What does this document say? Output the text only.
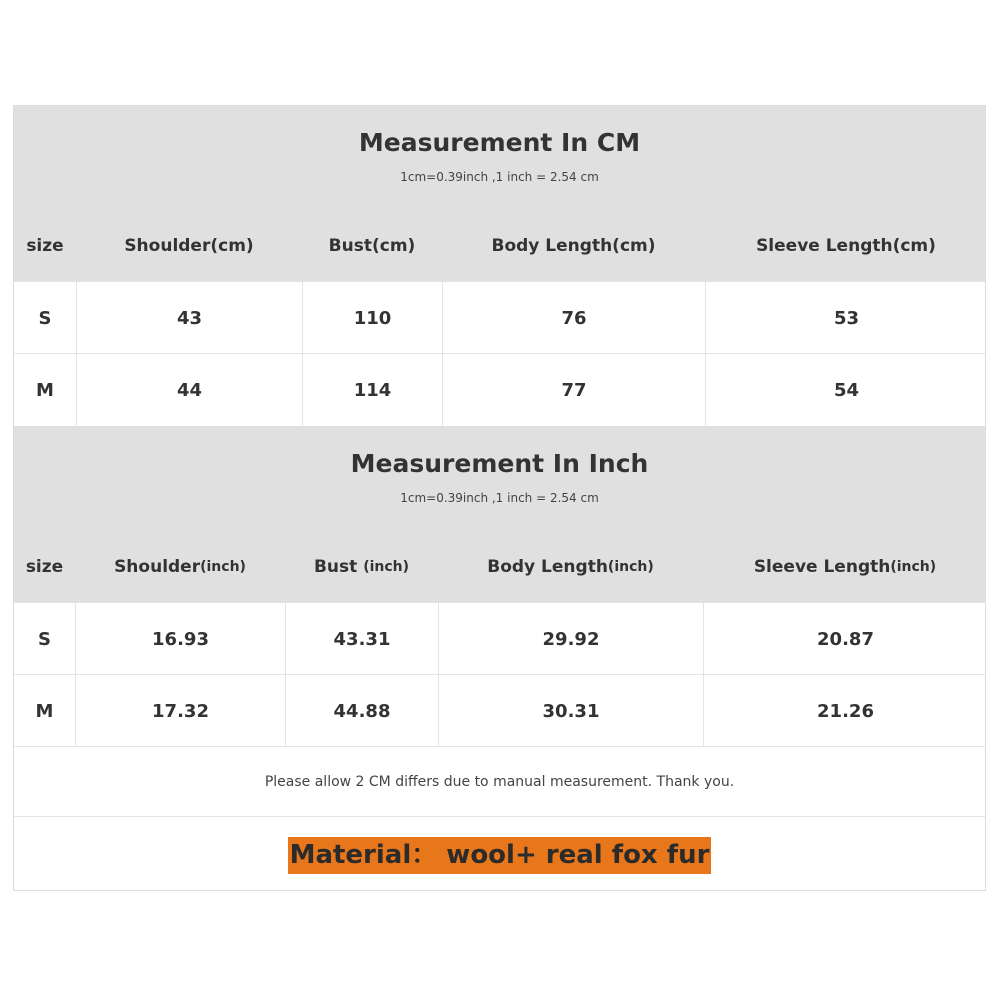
Measurement In CM
1cm=0.39inch ,1 inch = 2.54 cm
size	Shoulder(cm)	Bust(cm)	Body Length(cm)	Sleeve Length(cm)
S	43	110	76	53
M	44	114	77	54
Measurement In Inch
1cm=0.39inch ,1 inch = 2.54 cm
size	Shoulder (inch)	Bust (inch)	Body Length (inch)	Sleeve Length (inch)
S	16.93	43.31	29.92	20.87
M	17.32	44.88	30.31	21.26
Please allow 2 CM differs due to manual measurement. Thank you.
Material： wool+ real fox fur
